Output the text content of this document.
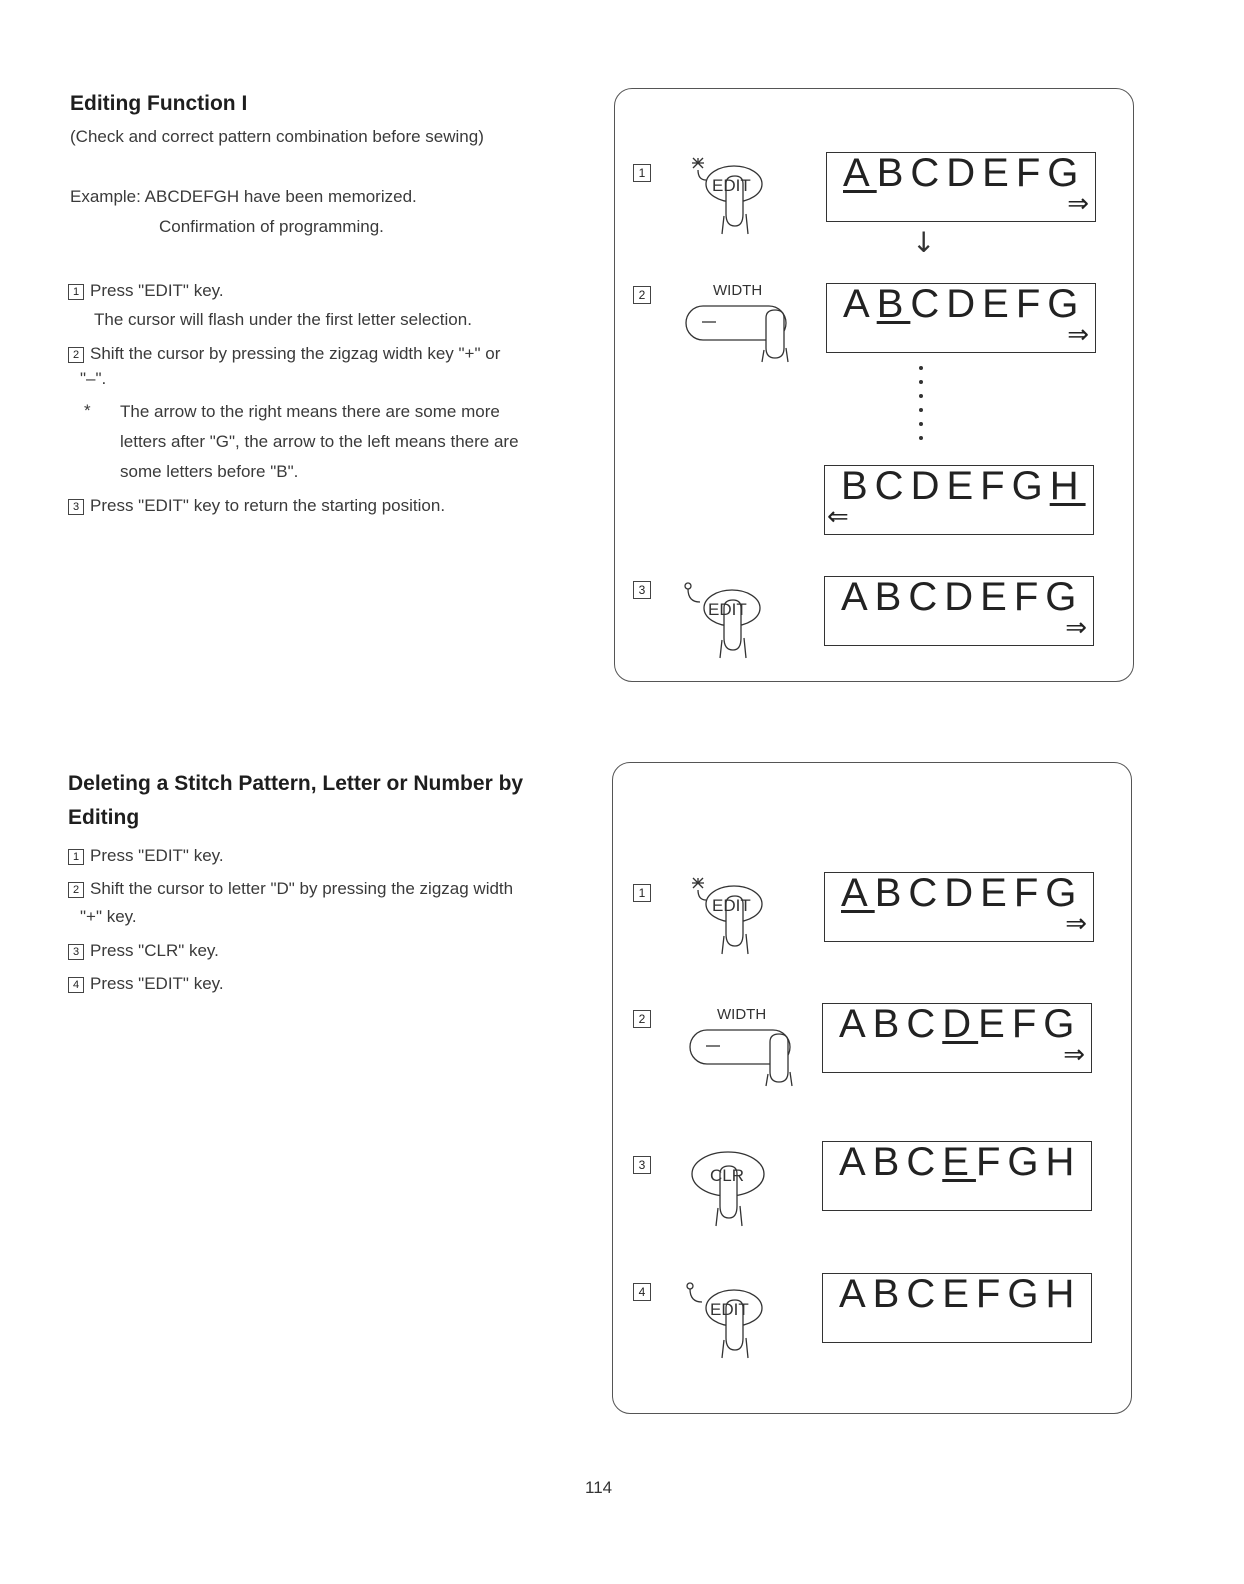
Editing Function I
(Check and correct pattern combination before sewing)
Example: ABCDEFGH have been memorized.
Confirmation of programming.
1 Press "EDIT" key.
The cursor will flash under the first letter selection.
2 Shift the cursor by pressing the zigzag width key "+" or
"–".
* The arrow to the right means there are some more
letters after "G", the arrow to the left means there are
some letters before "B".
3 Press "EDIT" key to return the starting position.
1
2
3
EDIT
WIDTH
EDIT
ABCDEFG
⇒
↓
ABCDEFG
⇒
BCDEFGH
⇐
ABCDEFG
⇒
Deleting a Stitch Pattern, Letter or Number by
Editing
1 Press "EDIT" key.
2 Shift the cursor to letter "D" by pressing the zigzag width
"+" key.
3 Press "CLR" key.
4 Press "EDIT" key.
1
2
3
4
EDIT
WIDTH
CLR
EDIT
ABCDEFG
⇒
ABCDEFG
⇒
ABCEFGH
ABCEFGH
114
